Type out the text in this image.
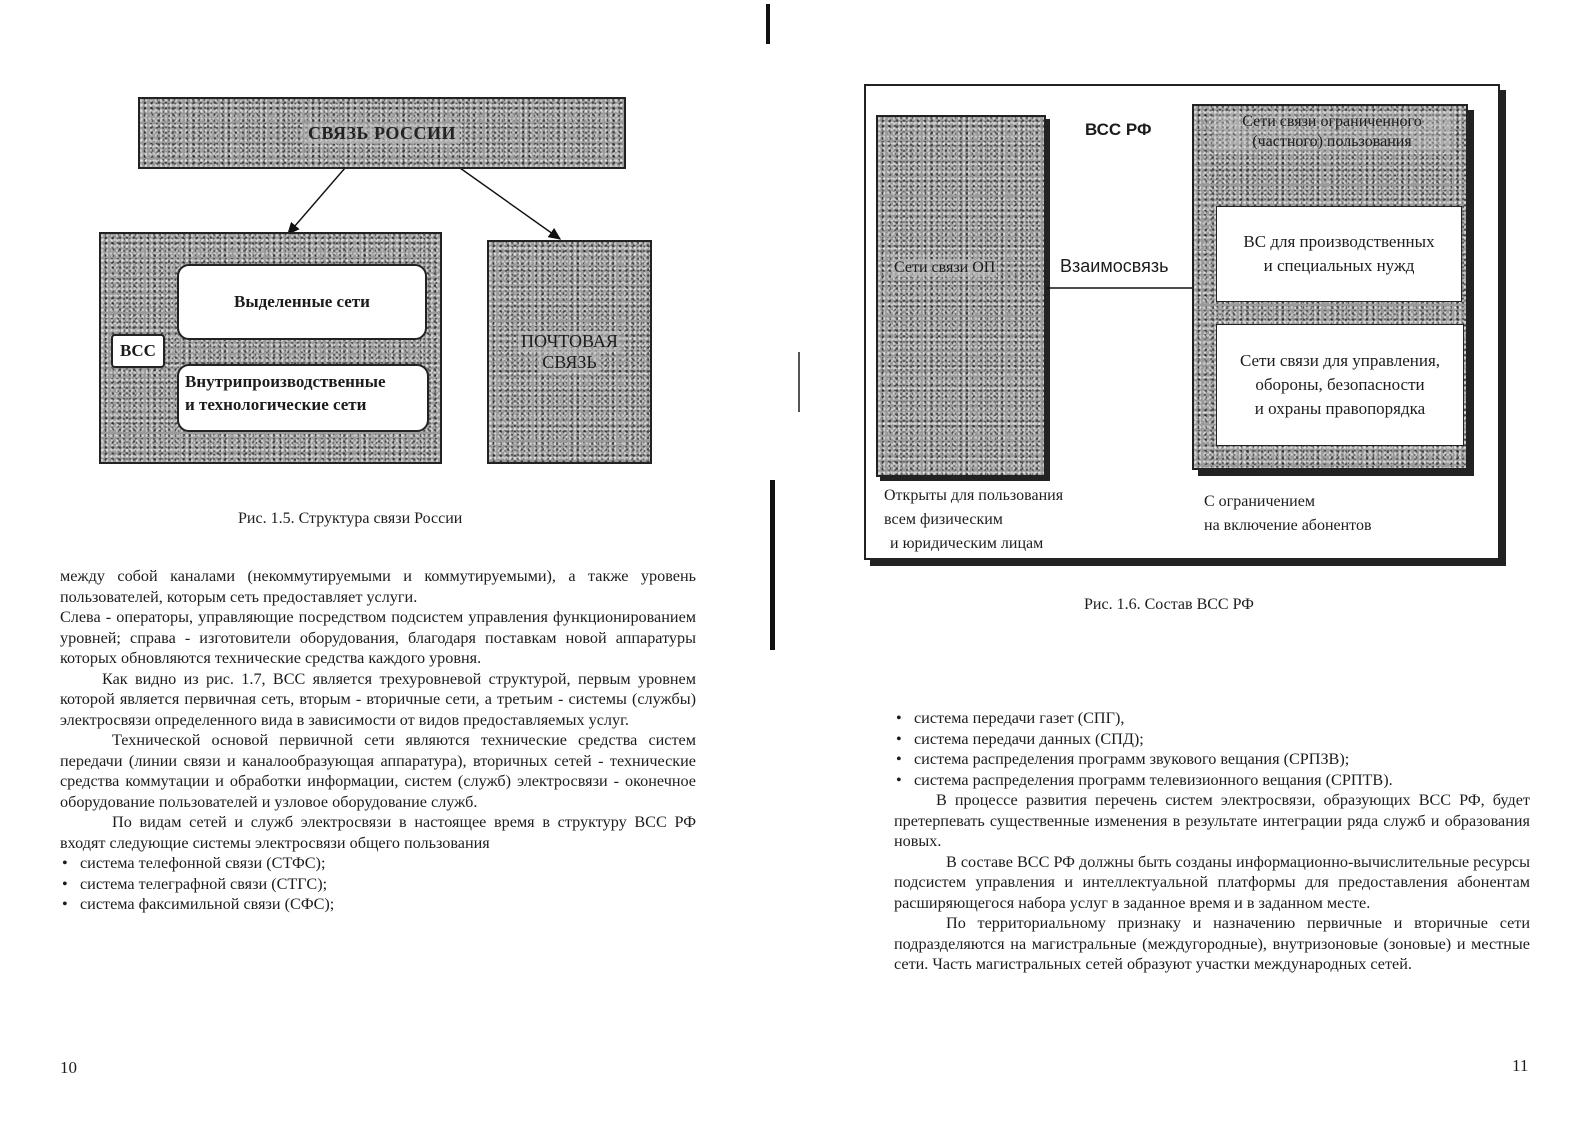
СВЯЗЬ РОССИИ
ВСС
Выделенные сети
Внутрипроизводственные
и технологические сети
ПОЧТОВАЯ
СВЯЗЬ
Рис. 1.5. Структура связи России

между собой каналами (некоммутируемыми и коммутируемыми), а также уровень пользователей, которым сеть предоставляет услуги.

Слева - операторы, управляющие посредством подсистем управления функционированием уровней; справа - изготовители оборудования, благодаря поставкам новой аппаратуры которых обновляются технические средства каждого уровня.

Как видно из рис. 1.7, ВСС является трехуровневой структурой, первым уровнем которой является первичная сеть, вторым - вторичные сети, а третьим - системы (службы) электросвязи определенного вида в зависимости от видов предоставляемых услуг.

Технической основой первичной сети являются технические средства систем передачи (линии связи и каналообразующая аппаратура), вторичных сетей - технические средства коммутации и обработки информации, систем (служб) электросвязи - оконечное оборудование пользователей и узловое оборудование служб.

По видам сетей и служб электросвязи в настоящее время в структуру ВСС РФ входят следующие системы электросвязи общего пользования

• система телефонной связи (СТФС);
• система телеграфной связи (СТГС);
• система факсимильной связи (СФС);
10
Сети связи ОП
ВСС РФ
Взаимосвязь
Сети связи ограниченного
(частного) пользования
ВС для производственных
и специальных нужд
Сети связи для управления,
обороны, безопасности
и охраны правопорядка
Открыты для пользования
всем физическим
и юридическим лицам
С ограничением
на включение абонентов
Рис. 1.6. Состав ВСС РФ
• система передачи газет (СПГ),
• система передачи данных (СПД);
• система распределения программ звукового вещания (СРПЗВ);
• система распределения программ телевизионного вещания (СРПТВ).

В процессе развития перечень систем электросвязи, образующих ВСС РФ, будет претерпевать существенные изменения в результате интеграции ряда служб и образования новых.

В составе ВСС РФ должны быть созданы информационно-вычислительные ресурсы подсистем управления и интеллектуальной платформы для предоставления абонентам расширяющегося набора услуг в заданное время и в заданном месте.

По территориальному признаку и назначению первичные и вторичные сети подразделяются на магистральные (междугородные), внутризоновые (зоновые) и местные сети. Часть магистральных сетей образуют участки международных сетей.

11
